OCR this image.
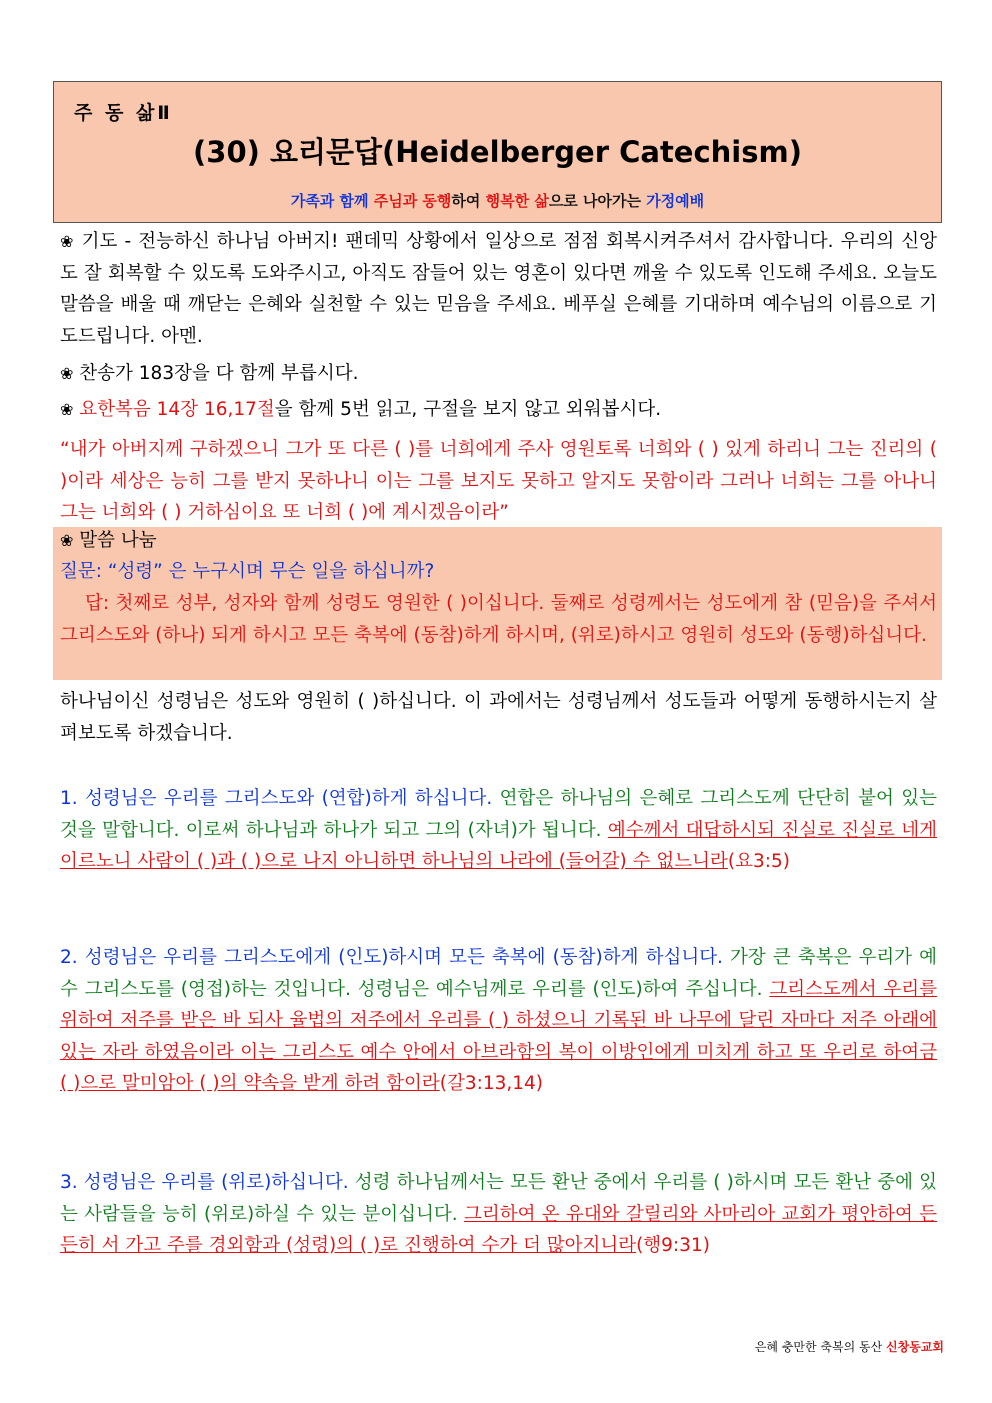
주 동 삶Ⅱ
(30) 요리문답(Heidelberger Catechism)
가족과 함께 주님과 동행하여 행복한 삶으로 나아가는 가정예배
❀ 기도 - 전능하신 하나님 아버지! 팬데믹 상황에서 일상으로 점점 회복시켜주셔서 감사합니다. 우리의 신앙도 잘 회복할 수 있도록 도와주시고, 아직도 잠들어 있는 영혼이 있다면 깨울 수 있도록 인도해 주세요. 오늘도 말씀을 배울 때 깨닫는 은혜와 실천할 수 있는 믿음을 주세요. 베푸실 은혜를 기대하며 예수님의 이름으로 기도드립니다. 아멘.
❀ 찬송가 183장을 다 함께 부릅시다.
❀ 요한복음 14장 16,17절을 함께 5번 읽고, 구절을 보지 않고 외워봅시다.
“내가 아버지께 구하겠으니 그가 또 다른 ( )를 너희에게 주사 영원토록 너희와 ( ) 있게 하리니 그는 진리의 ( )이라 세상은 능히 그를 받지 못하나니 이는 그를 보지도 못하고 알지도 못함이라 그러나 너희는 그를 아나니 그는 너희와 ( ) 거하심이요 또 너희 ( )에 계시겠음이라”
❀ 말씀 나눔
질문: “성령” 은 누구시며 무슨 일을 하십니까?
답: 첫째로 성부, 성자와 함께 성령도 영원한 ( )이십니다. 둘째로 성령께서는 성도에게 참 (믿음)을 주셔서 그리스도와 (하나) 되게 하시고 모든 축복에 (동참)하게 하시며, (위로)하시고 영원히 성도와 (동행)하십니다.
하나님이신 성령님은 성도와 영원히 ( )하십니다. 이 과에서는 성령님께서 성도들과 어떻게 동행하시는지 살펴보도록 하겠습니다.
1. 성령님은 우리를 그리스도와 (연합)하게 하십니다. 연합은 하나님의 은혜로 그리스도께 단단히 붙어 있는 것을 말합니다. 이로써 하나님과 하나가 되고 그의 (자녀)가 됩니다. 예수께서 대답하시되 진실로 진실로 네게 이르노니 사람이 ( )과 ( )으로 나지 아니하면 하나님의 나라에 (들어갈) 수 없느니라(요3:5)
2. 성령님은 우리를 그리스도에게 (인도)하시며 모든 축복에 (동참)하게 하십니다. 가장 큰 축복은 우리가 예수 그리스도를 (영접)하는 것입니다. 성령님은 예수님께로 우리를 (인도)하여 주십니다. 그리스도께서 우리를 위하여 저주를 받은 바 되사 율법의 저주에서 우리를 ( ) 하셨으니 기록된 바 나무에 달린 자마다 저주 아래에 있는 자라 하였음이라 이는 그리스도 예수 안에서 아브라함의 복이 이방인에게 미치게 하고 또 우리로 하여금 ( )으로 말미암아 ( )의 약속을 받게 하려 함이라(갈3:13,14)
3. 성령님은 우리를 (위로)하십니다. 성령 하나님께서는 모든 환난 중에서 우리를 ( )하시며 모든 환난 중에 있는 사람들을 능히 (위로)하실 수 있는 분이십니다. 그리하여 온 유대와 갈릴리와 사마리아 교회가 평안하여 든든히 서 가고 주를 경외함과 (성령)의 ( )로 진행하여 수가 더 많아지니라(행9:31)
은혜 충만한 축복의 동산 신창동교회
